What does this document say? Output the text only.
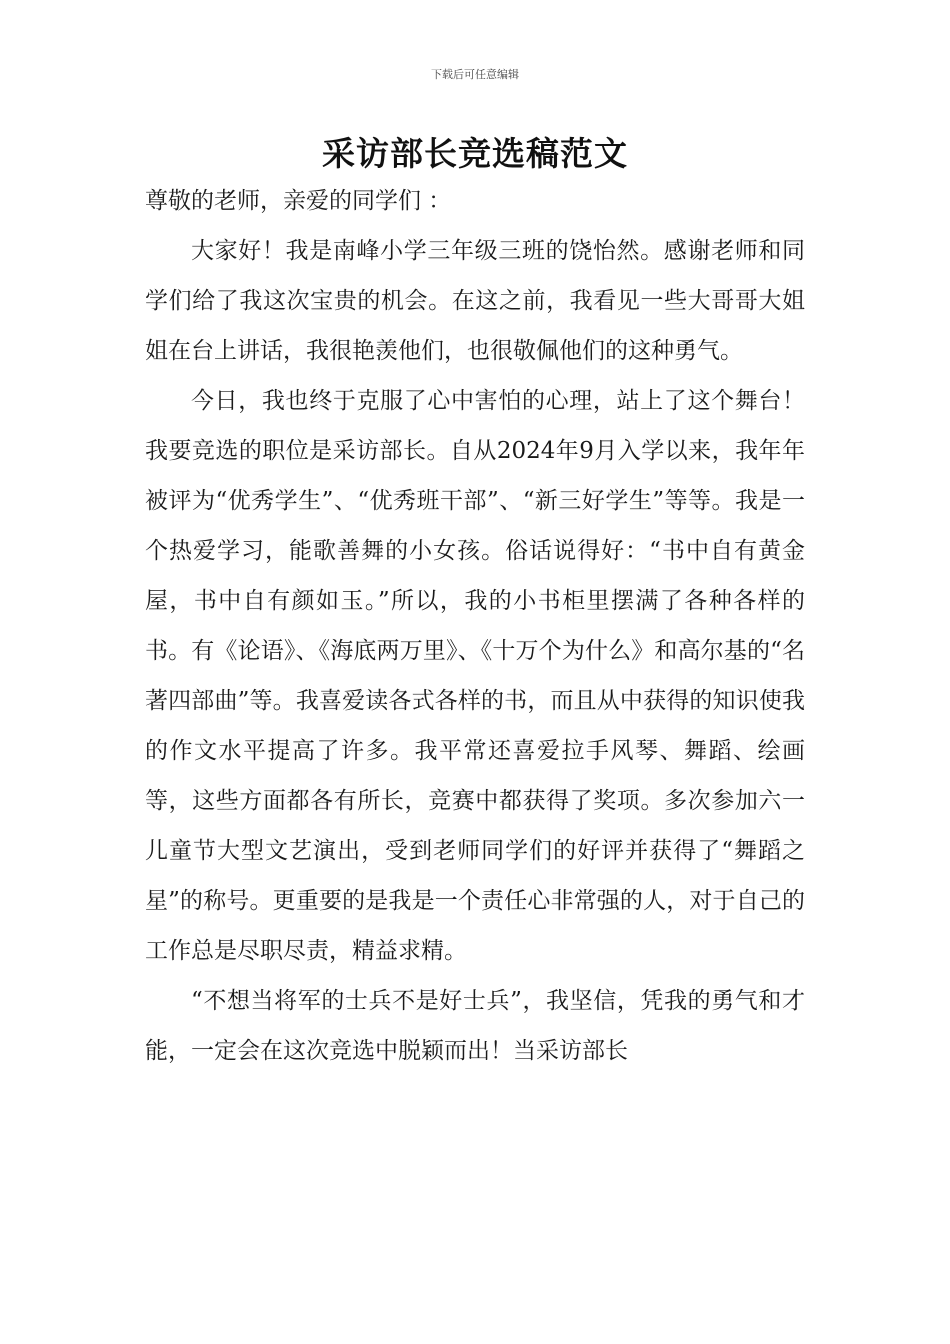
下载后可任意编辑
采访部长竞选稿范文

尊敬的老师，亲爱的同学们 ：

大家好！我是南峰小学三年级三班的饶怡然。感谢老师和同学们给了我这次宝贵的机会。在这之前，我看见一些大哥哥大姐姐在台上讲话，我很艳羡他们，也很敬佩他们的这种勇气。

今日，我也终于克服了心中害怕的心理，站上了这个舞台！我要竞选的职位是采访部长。自从2024年9月入学以来，我年年被评为“优秀学生”、“优秀班干部”、“新三好学生”等等。我是一个热爱学习，能歌善舞的小女孩。俗话说得好：“书中自有黄金屋，书中自有颜如玉。”所以，我的小书柜里摆满了各种各样的书。有《论语》、《海底两万里》、《十万个为什么》和高尔基的“名著四部曲”等。我喜爱读各式各样的书，而且从中获得的知识使我的作文水平提高了许多。我平常还喜爱拉手风琴、舞蹈、绘画等，这些方面都各有所长，竞赛中都获得了奖项。多次参加六一儿童节大型文艺演出，受到老师同学们的好评并获得了“舞蹈之星”的称号。更重要的是我是一个责任心非常强的人，对于自己的工作总是尽职尽责，精益求精。

“不想当将军的士兵不是好士兵”，我坚信，凭我的勇气和才能，一定会在这次竞选中脱颖而出！当采访部长
